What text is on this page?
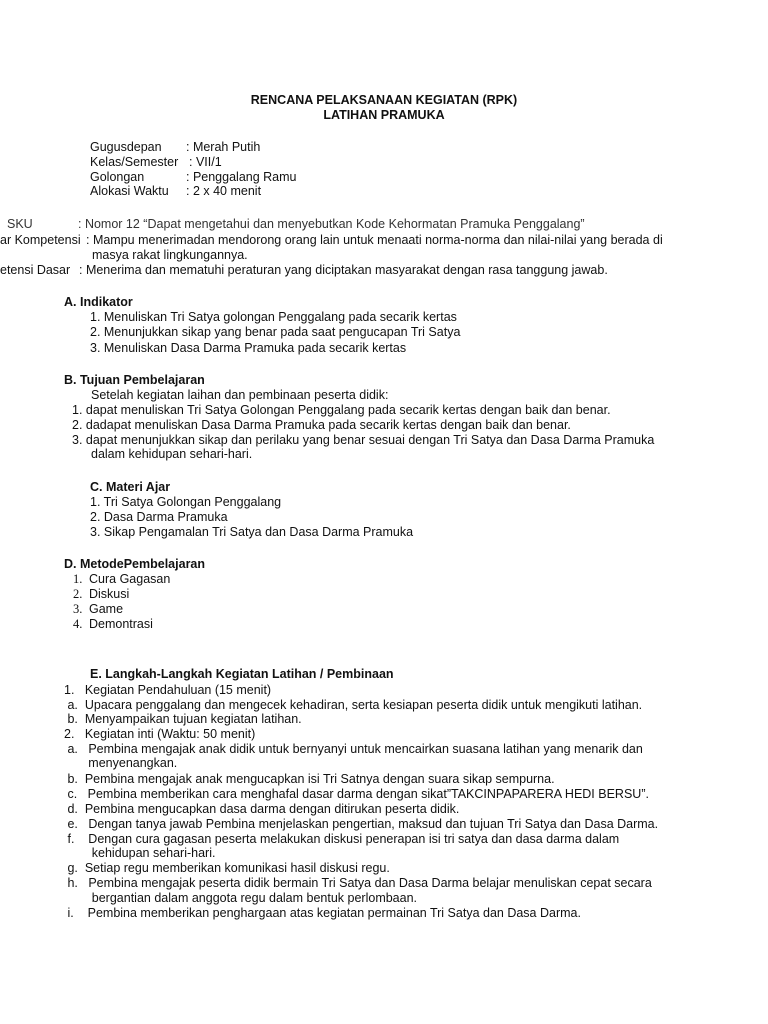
RENCANA PELAKSANAAN KEGIATAN (RPK)
LATIHAN PRAMUKA
Gugusdepan : Merah Putih
Kelas/Semester : VII/1
Golongan	: Penggalang Ramu
Alokasi Waktu : 2 x 40 menit
SKU	: Nomor 12 “Dapat mengetahui dan menyebutkan Kode Kehormatan Pramuka Penggalang”
ar Kompetensi : Mampu menerimadan mendorong orang lain untuk menaati norma-norma dan nilai-nilai yang berada di
masya rakat lingkungannya.
etensi Dasar : Menerima dan mematuhi peraturan yang diciptakan masyarakat dengan rasa tanggung jawab.
A. Indikator
1. Menuliskan Tri Satya golongan Penggalang pada secarik kertas
2. Menunjukkan sikap yang benar pada saat pengucapan Tri Satya
3. Menuliskan Dasa Darma Pramuka pada secarik kertas
B. Tujuan Pembelajaran
Setelah kegiatan laihan dan pembinaan peserta didik:
1. dapat menuliskan Tri Satya Golongan Penggalang pada secarik kertas dengan baik dan benar.
2. dadapat menuliskan Dasa Darma Pramuka pada secarik kertas dengan baik dan benar.
3. dapat menunjukkan sikap dan perilaku yang benar sesuai dengan Tri Satya dan Dasa Darma Pramuka
dalam kehidupan sehari-hari.
C. Materi Ajar
1. Tri Satya Golongan Penggalang
2. Dasa Darma Pramuka
3. Sikap Pengamalan Tri Satya dan Dasa Darma Pramuka
D. MetodePembelajaran
1. Cura Gagasan
2. Diskusi
3. Game
4. Demontrasi
E. Langkah-Langkah Kegiatan Latihan / Pembinaan
1.   Kegiatan Pendahuluan (15 menit)
a.  Upacara penggalang dan mengecek kehadiran, serta kesiapan peserta didik untuk mengikuti latihan.
b.  Menyampaikan tujuan kegiatan latihan.
2.   Kegiatan inti (Waktu: 50 menit)
a.   Pembina mengajak anak didik untuk bernyanyi untuk mencairkan suasana latihan yang menarik dan
menyenangkan.
b.  Pembina mengajak anak mengucapkan isi Tri Satnya dengan suara sikap sempurna.
c.   Pembina memberikan cara menghafal dasar darma dengan sikat”TAKCINPAPARERA HEDI BERSU”.
d.  Pembina mengucapkan dasa darma dengan ditirukan peserta didik.
e.   Dengan tanya jawab Pembina menjelaskan pengertian, maksud dan tujuan Tri Satya dan Dasa Darma.
f.    Dengan cura gagasan peserta melakukan diskusi penerapan isi tri satya dan dasa darma dalam
kehidupan sehari-hari.
g.  Setiap regu memberikan komunikasi hasil diskusi regu.
h.   Pembina mengajak peserta didik bermain Tri Satya dan Dasa Darma belajar menuliskan cepat secara
bergantian dalam anggota regu dalam bentuk perlombaan.
i.    Pembina memberikan penghargaan atas kegiatan permainan Tri Satya dan Dasa Darma.
